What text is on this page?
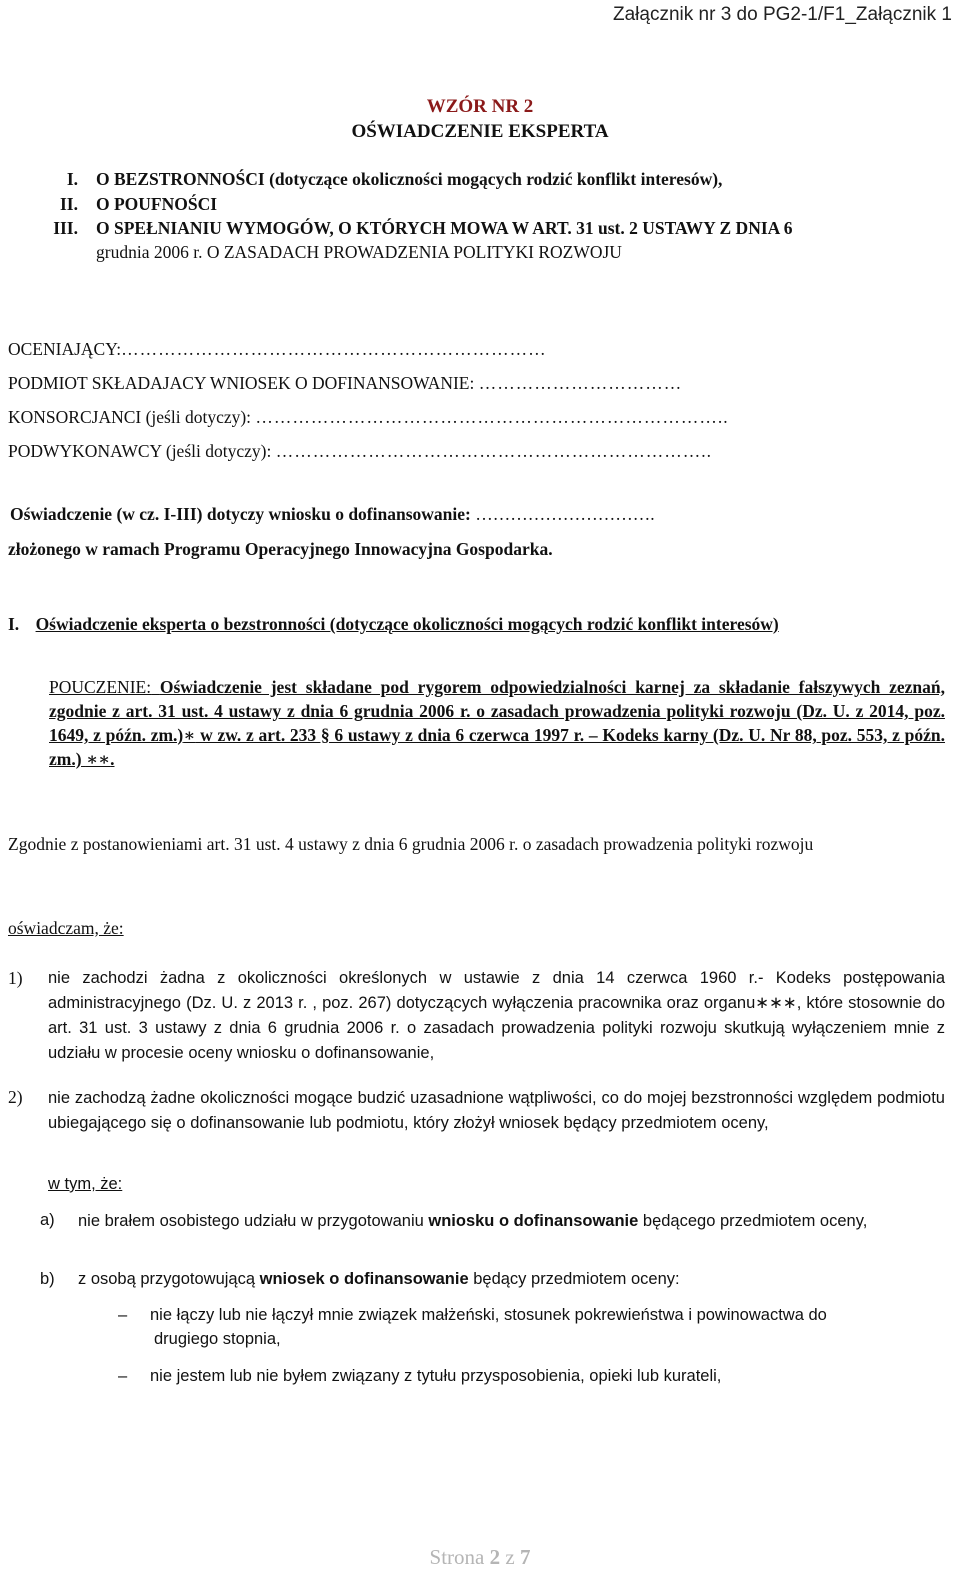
Załącznik nr 3 do PG2-1/F1_Załącznik 1
WZÓR NR 2
OŚWIADCZENIE EKSPERTA
I. O BEZSTRONNOŚCI (dotyczące okoliczności mogących rodzić konflikt interesów),
II. O POUFNOŚCI
III. O SPEŁNIANIU WYMOGÓW, O KTÓRYCH MOWA W ART. 31 ust. 2 USTAWY Z DNIA 6
grudnia 2006 r. O ZASADACH PROWADZENIA POLITYKI ROZWOJU
OCENIAJĄCY:……………………………………………………………
PODMIOT SKŁADAJACY WNIOSEK O DOFINANSOWANIE: ……………………………
KONSORCJANCI (jeśli dotyczy): …………………………………………………………………..
PODWYKONAWCY (jeśli dotyczy): ……………………………………………………………..
Oświadczenie (w cz. I-III) dotyczy wniosku o dofinansowanie: ………………………….
złożonego w ramach Programu Operacyjnego Innowacyjna Gospodarka.
I. Oświadczenie eksperta o bezstronności (dotyczące okoliczności mogących rodzić konflikt interesów)
POUCZENIE: Oświadczenie jest składane pod rygorem odpowiedzialności karnej za składanie fałszywych zeznań, zgodnie z art. 31 ust. 4 ustawy z dnia 6 grudnia 2006 r. o zasadach prowadzenia polityki rozwoju (Dz. U. z 2014, poz. 1649, z późn. zm.)∗ w zw. z art. 233 § 6 ustawy z dnia 6 czerwca 1997 r. – Kodeks karny (Dz. U. Nr 88, poz. 553, z późn. zm.) ∗∗.
Zgodnie z postanowieniami art. 31 ust. 4 ustawy z dnia 6 grudnia 2006 r. o zasadach prowadzenia polityki rozwoju
oświadczam, że:
1) nie zachodzi żadna z okoliczności określonych w ustawie z dnia 14 czerwca 1960 r.- Kodeks postępowania administracyjnego (Dz. U. z 2013 r. , poz. 267) dotyczących wyłączenia pracownika oraz organu∗∗∗, które stosownie do art. 31 ust. 3 ustawy z dnia 6 grudnia 2006 r. o zasadach prowadzenia polityki rozwoju skutkują wyłączeniem mnie z udziału w procesie oceny wniosku o dofinansowanie,
2) nie zachodzą żadne okoliczności mogące budzić uzasadnione wątpliwości, co do mojej bezstronności względem podmiotu ubiegającego się o dofinansowanie lub podmiotu, który złożył wniosek będący przedmiotem oceny,
w tym, że:
a) nie brałem osobistego udziału w przygotowaniu wniosku o dofinansowanie będącego przedmiotem oceny,
b) z osobą przygotowującą wniosek o dofinansowanie będący przedmiotem oceny:
– nie łączy lub nie łączył mnie związek małżeński, stosunek pokrewieństwa i powinowactwa do
drugiego stopnia,
– nie jestem lub nie byłem związany z tytułu przysposobienia, opieki lub kurateli,
Strona 2 z 7
